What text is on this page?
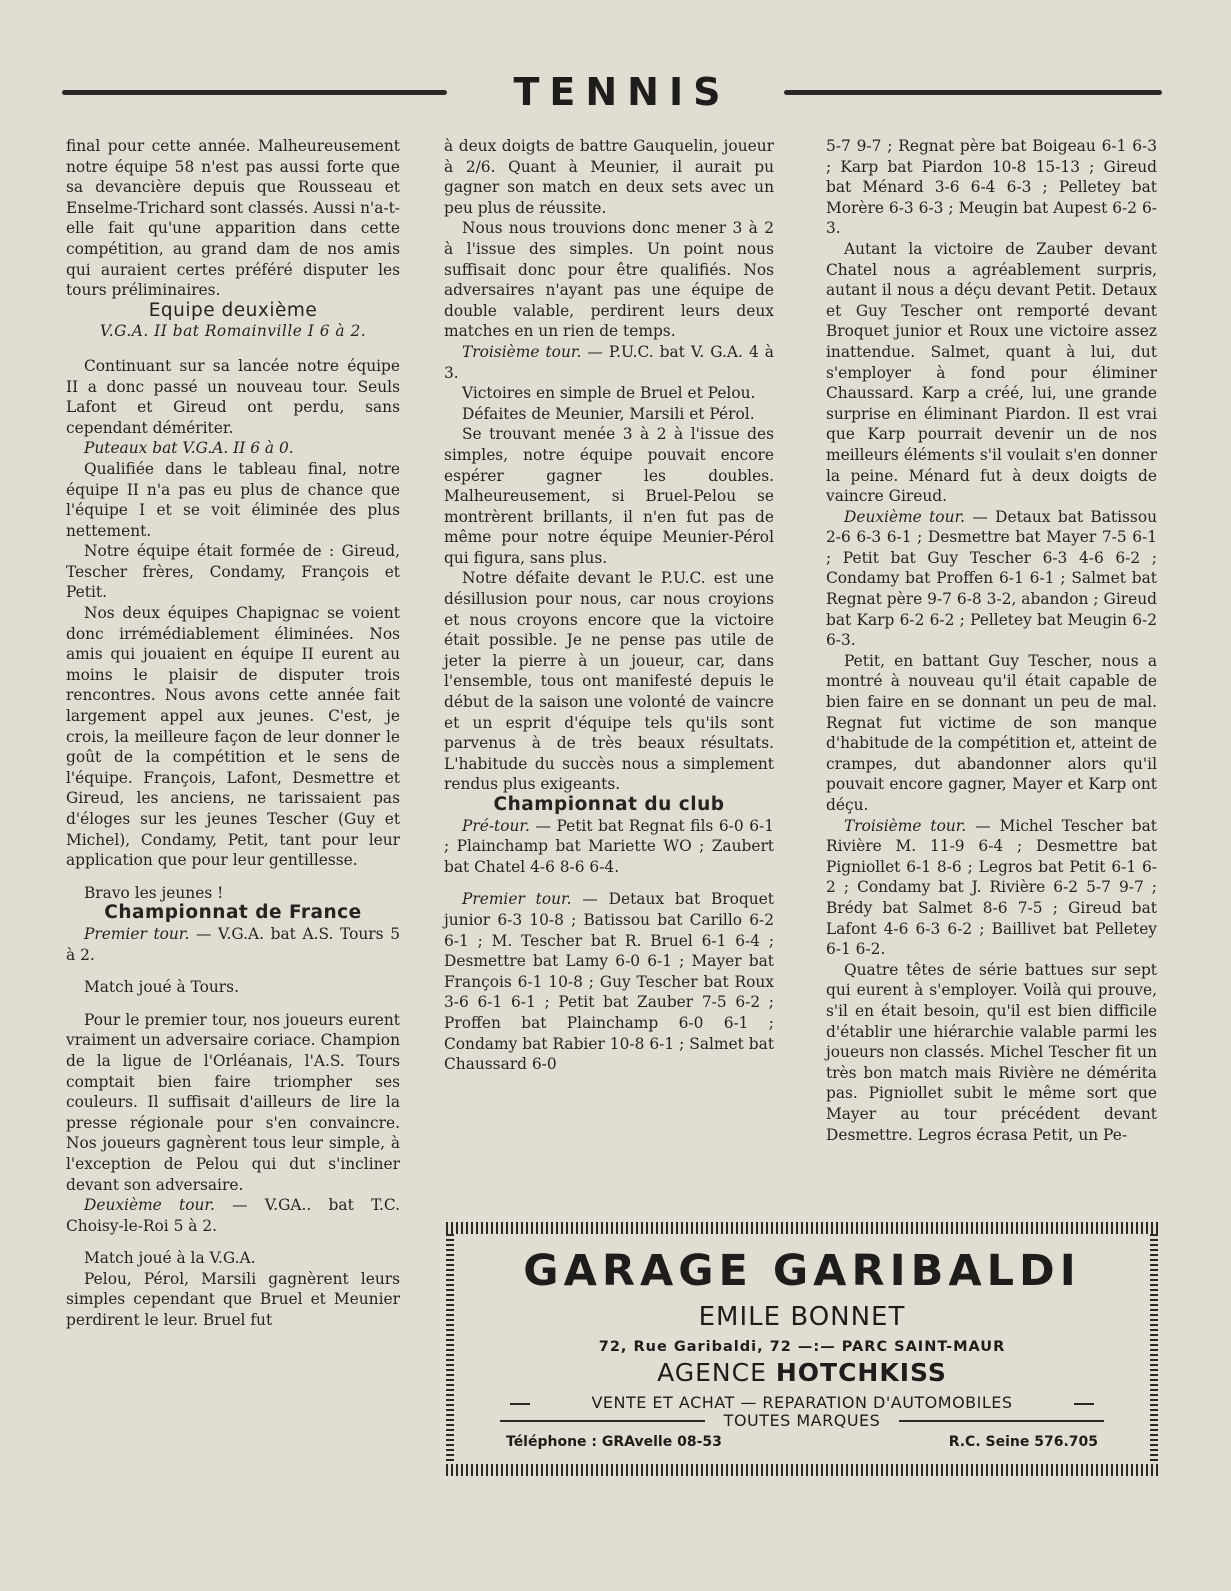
TENNIS

final pour cette année. Malheureusement notre équipe 58 n'est pas aussi forte que sa devancière depuis que Rousseau et Enselme-Trichard sont classés. Aussi n'a-t-elle fait qu'une apparition dans cette compétition, au grand dam de nos amis qui auraient certes préféré disputer les tours préliminaires.

Equipe deuxième

V.G.A. II bat Romainville I 6 à 2.

Continuant sur sa lancée notre équipe II a donc passé un nouveau tour. Seuls Lafont et Gireud ont perdu, sans cependant démériter.

Puteaux bat V.G.A. II 6 à 0.

Qualifiée dans le tableau final, notre équipe II n'a pas eu plus de chance que l'équipe I et se voit éliminée des plus nettement.

Notre équipe était formée de : Gireud, Tescher frères, Condamy, François et Petit.

Nos deux équipes Chapignac se voient donc irrémédiablement éliminées. Nos amis qui jouaient en équipe II eurent au moins le plaisir de disputer trois rencontres. Nous avons cette année fait largement appel aux jeunes. C'est, je crois, la meilleure façon de leur donner le goût de la compétition et le sens de l'équipe. François, Lafont, Desmettre et Gireud, les anciens, ne tarissaient pas d'éloges sur les jeunes Tescher (Guy et Michel), Condamy, Petit, tant pour leur application que pour leur gentillesse.

Bravo les jeunes !

Championnat de France

Premier tour. — V.G.A. bat A.S. Tours 5 à 2.

Match joué à Tours.

Pour le premier tour, nos joueurs eurent vraiment un adversaire coriace. Champion de la ligue de l'Orléanais, l'A.S. Tours comptait bien faire triompher ses couleurs. Il suffisait d'ailleurs de lire la presse régionale pour s'en convaincre. Nos joueurs gagnèrent tous leur simple, à l'exception de Pelou qui dut s'incliner devant son adversaire.

Deuxième tour. — V.GA.. bat T.C. Choisy-le-Roi 5 à 2.

Match joué à la V.G.A.

Pelou, Pérol, Marsili gagnèrent leurs simples cependant que Bruel et Meunier perdirent le leur. Bruel fut

à deux doigts de battre Gauquelin, joueur à 2/6. Quant à Meunier, il aurait pu gagner son match en deux sets avec un peu plus de réussite.

Nous nous trouvions donc mener 3 à 2 à l'issue des simples. Un point nous suffisait donc pour être qualifiés. Nos adversaires n'ayant pas une équipe de double valable, perdirent leurs deux matches en un rien de temps.

Troisième tour. — P.U.C. bat V. G.A. 4 à 3.

Victoires en simple de Bruel et Pelou.

Défaites de Meunier, Marsili et Pérol.

Se trouvant menée 3 à 2 à l'issue des simples, notre équipe pouvait encore espérer gagner les doubles. Malheureusement, si Bruel-Pelou se montrèrent brillants, il n'en fut pas de même pour notre équipe Meunier-Pérol qui figura, sans plus.

Notre défaite devant le P.U.C. est une désillusion pour nous, car nous croyions et nous croyons encore que la victoire était possible. Je ne pense pas utile de jeter la pierre à un joueur, car, dans l'ensemble, tous ont manifesté depuis le début de la saison une volonté de vaincre et un esprit d'équipe tels qu'ils sont parvenus à de très beaux résultats. L'habitude du succès nous a simplement rendus plus exigeants.

Championnat du club

Pré-tour. — Petit bat Regnat fils 6-0 6-1 ; Plainchamp bat Mariette WO ; Zaubert bat Chatel 4-6 8-6 6-4.

Premier tour. — Detaux bat Broquet junior 6-3 10-8 ; Batissou bat Carillo 6-2 6-1 ; M. Tescher bat R. Bruel 6-1 6-4 ; Desmettre bat Lamy 6-0 6-1 ; Mayer bat François 6-1 10-8 ; Guy Tescher bat Roux 3-6 6-1 6-1 ; Petit bat Zauber 7-5 6-2 ; Proffen bat Plainchamp 6-0 6-1 ; Condamy bat Rabier 10-8 6-1 ; Salmet bat Chaussard 6-0

5-7 9-7 ; Regnat père bat Boigeau 6-1 6-3 ; Karp bat Piardon 10-8 15-13 ; Gireud bat Ménard 3-6 6-4 6-3 ; Pelletey bat Morère 6-3 6-3 ; Meugin bat Aupest 6-2 6-3.

Autant la victoire de Zauber devant Chatel nous a agréablement surpris, autant il nous a déçu devant Petit. Detaux et Guy Tescher ont remporté devant Broquet junior et Roux une victoire assez inattendue. Salmet, quant à lui, dut s'employer à fond pour éliminer Chaussard. Karp a créé, lui, une grande surprise en éliminant Piardon. Il est vrai que Karp pourrait devenir un de nos meilleurs éléments s'il voulait s'en donner la peine. Ménard fut à deux doigts de vaincre Gireud.

Deuxième tour. — Detaux bat Batissou 2-6 6-3 6-1 ; Desmettre bat Mayer 7-5 6-1 ; Petit bat Guy Tescher 6-3 4-6 6-2 ; Condamy bat Proffen 6-1 6-1 ; Salmet bat Regnat père 9-7 6-8 3-2, abandon ; Gireud bat Karp 6-2 6-2 ; Pelletey bat Meugin 6-2 6-3.

Petit, en battant Guy Tescher, nous a montré à nouveau qu'il était capable de bien faire en se donnant un peu de mal. Regnat fut victime de son manque d'habitude de la compétition et, atteint de crampes, dut abandonner alors qu'il pouvait encore gagner, Mayer et Karp ont déçu.

Troisième tour. — Michel Tescher bat Rivière M. 11-9 6-4 ; Desmettre bat Pigniollet 6-1 8-6 ; Legros bat Petit 6-1 6-2 ; Condamy bat J. Rivière 6-2 5-7 9-7 ; Brédy bat Salmet 8-6 7-5 ; Gireud bat Lafont 4-6 6-3 6-2 ; Baillivet bat Pelletey 6-1 6-2.

Quatre têtes de série battues sur sept qui eurent à s'employer. Voilà qui prouve, s'il en était besoin, qu'il est bien difficile d'établir une hiérarchie valable parmi les joueurs non classés. Michel Tescher fit un très bon match mais Rivière ne démérita pas. Pigniollet subit le même sort que Mayer au tour précédent devant Desmettre. Legros écrasa Petit, un Pe-

GARAGE GARIBALDI
EMILE BONNET
72, Rue Garibaldi, 72 —:— PARC SAINT-MAUR
AGENCE HOTCHKISS
VENTE ET ACHAT — REPARATION D'AUTOMOBILES
TOUTES MARQUES
Téléphone : GRAvelle 08-53	R.C. Seine 576.705
